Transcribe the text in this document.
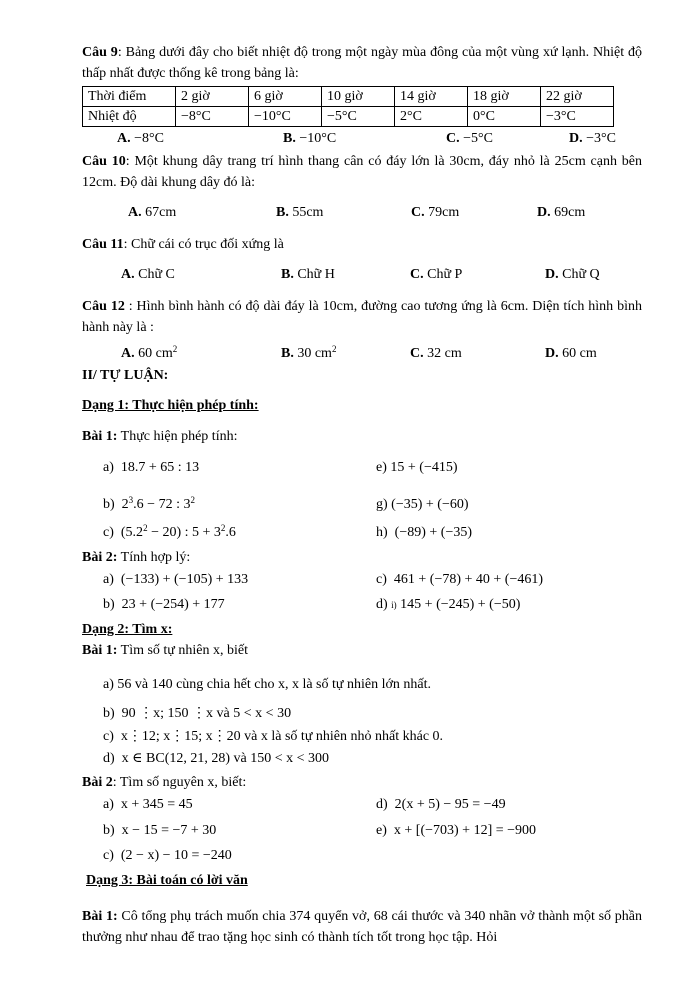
Câu 9: Bảng dưới đây cho biết nhiệt độ trong một ngày mùa đông của một vùng xứ lạnh. Nhiệt độ thấp nhất được thống kê trong bảng là:
Thời điểm	2 giờ	6 giờ	10 giờ	14 giờ	18 giờ	22 giờ
Nhiệt độ	−8°C	−10°C	−5°C	2°C	0°C	−3°C
A. −8°C	B. −10°C	C. −5°C	D. −3°C
Câu 10: Một khung dây trang trí hình thang cân có đáy lớn là 30cm, đáy nhỏ là 25cm cạnh bên 12cm. Độ dài khung dây đó là:
A. 67cm	B. 55cm	C. 79cm	D. 69cm
Câu 11: Chữ cái có trục đối xứng là
A. Chữ C	B. Chữ H	C. Chữ P	D. Chữ Q
Câu 12 : Hình bình hành có độ dài đáy là 10cm, đường cao tương ứng là 6cm. Diện tích hình bình hành này là :
A. 60 $cm^2$	B. 30 $cm^2$	C. 32 cm	D. 60 cm
II/ TỰ LUẬN:
Dạng 1: Thực hiện phép tính:
Bài 1: Thực hiện phép tính:
a) 18.7 + 65 : 13	e) 15 + (−415)
b) $2^3.6 - 72$ : $3^2$	g) (−35) + (−60)
c) $(5.2^2 - 20)$ : $5 + 3^2.6$	h) (−89) + (−35)
Bài 2: Tính hợp lý:
a) (−133) + (−105) + 133	c) 461 + (−78) + 40 + (−461)
b) 23 + (−254) + 177	d) i) 145 + (−245) + (−50)
Dạng 2: Tìm x:
Bài 1: Tìm số tự nhiên x, biết
a) 56 và 140 cùng chia hết cho x, x là số tự nhiên lớn nhất.
b) 90 ⋮x; 150 ⋮x và 5 < x < 30
c) x⋮12; x⋮15; x⋮20 và x là số tự nhiên nhỏ nhất khác 0.
d) x ∈ BC(12, 21, 28) và 150 < x < 300
Bài 2: Tìm số nguyên x, biết:
a) x + 345 = 45	d) 2(x + 5) − 95 = −49
b) x − 15 = −7 + 30	e) x + [(−703) + 12] = −900
c) (2 − x) − 10 = −240
Dạng 3: Bài toán có lời văn
Bài 1: Cô tổng phụ trách muốn chia 374 quyển vở, 68 cái thước và 340 nhãn vở thành một số phần thưởng như nhau để trao tặng học sinh có thành tích tốt trong học tập. Hỏi
